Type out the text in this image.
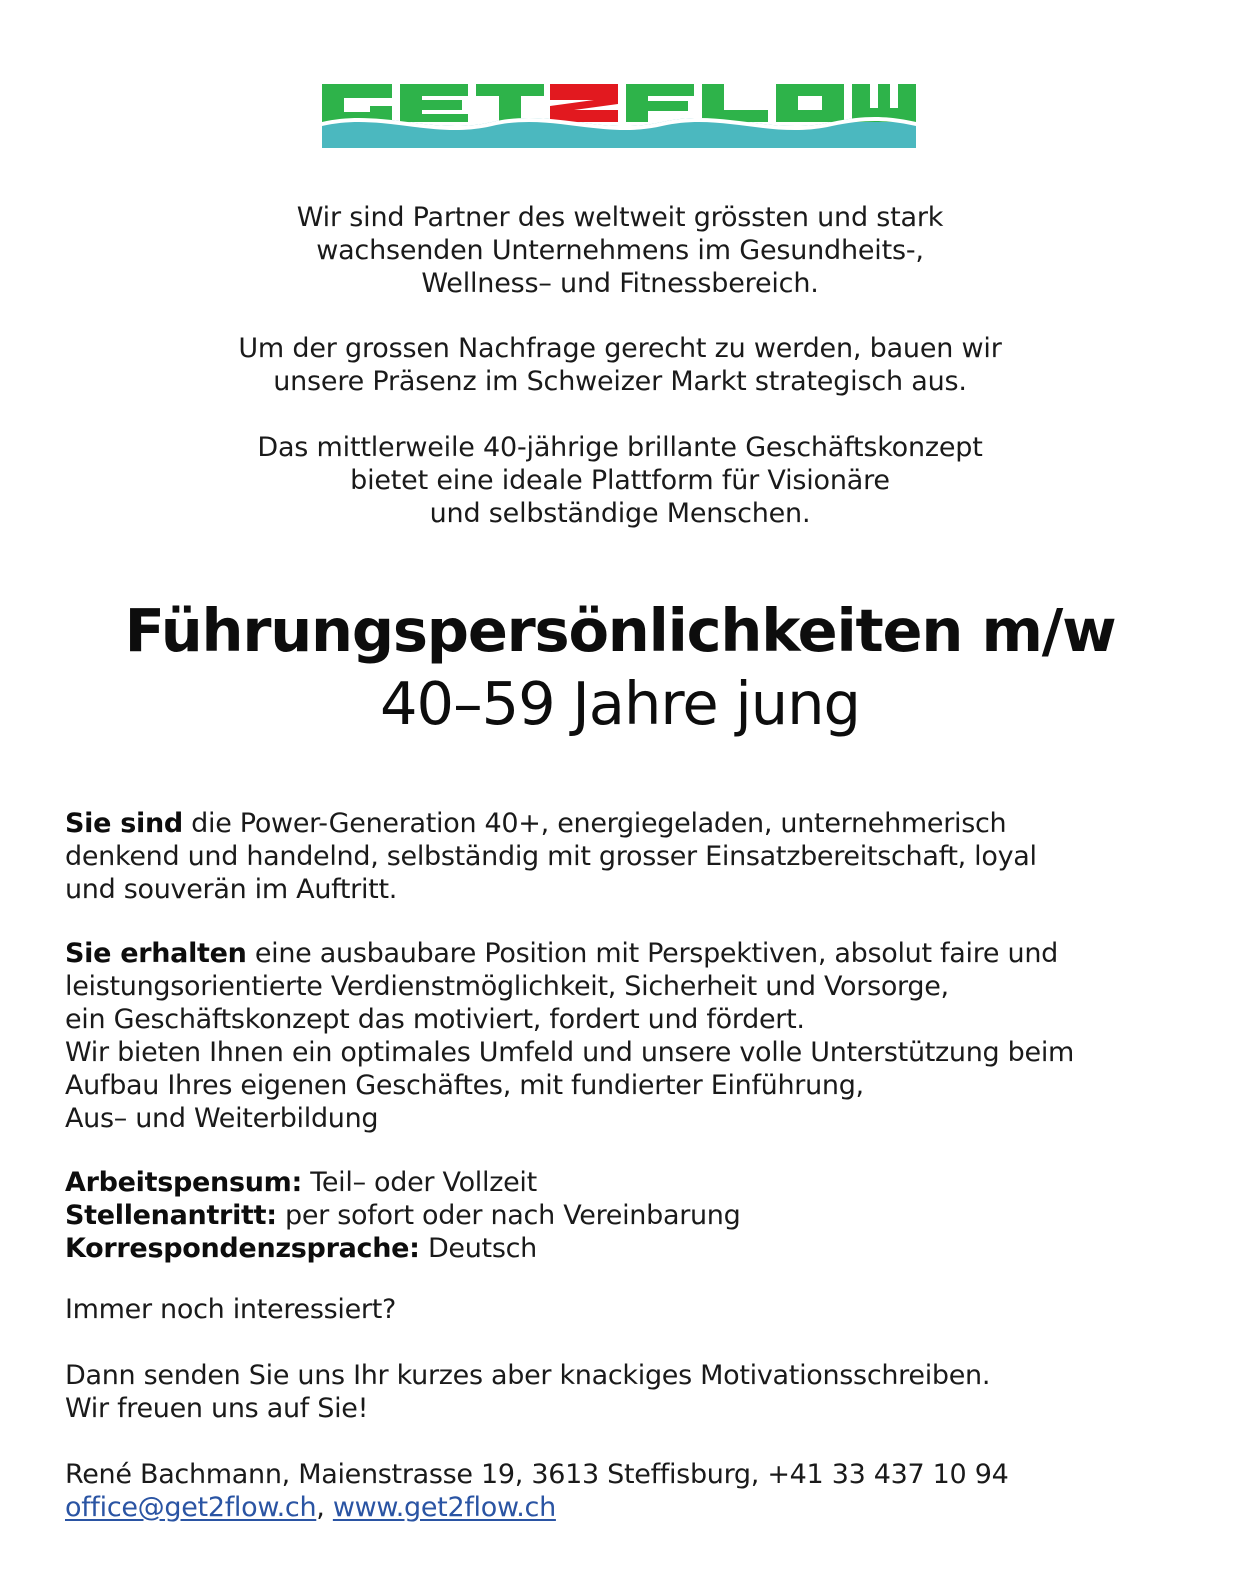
Wir sind Partner des weltweit grössten und stark

wachsenden Unternehmens im Gesundheits-,

Wellness– und Fitnessbereich.

Um der grossen Nachfrage gerecht zu werden, bauen wir

unsere Präsenz im Schweizer Markt strategisch aus.

Das mittlerweile 40-jährige brillante Geschäftskonzept

bietet eine ideale Plattform für Visionäre

und selbständige Menschen.

Führungspersönlichkeiten m/w
40–59 Jahre jung

Sie sind die Power-Generation 40+, energiegeladen, unternehmerisch

denkend und handelnd, selbständig mit grosser Einsatzbereitschaft, loyal

und souverän im Auftritt.

Sie erhalten eine ausbaubare Position mit Perspektiven, absolut faire und

leistungsorientierte Verdienstmöglichkeit, Sicherheit und Vorsorge,

ein Geschäftskonzept das motiviert, fordert und fördert.

Wir bieten Ihnen ein optimales Umfeld und unsere volle Unterstützung beim

Aufbau Ihres eigenen Geschäftes, mit fundierter Einführung,

Aus– und Weiterbildung

Arbeitspensum: Teil– oder Vollzeit

Stellenantritt: per sofort oder nach Vereinbarung

Korrespondenzsprache: Deutsch

Immer noch interessiert?

Dann senden Sie uns Ihr kurzes aber knackiges Motivationsschreiben.

Wir freuen uns auf Sie!

René Bachmann, Maienstrasse 19, 3613 Steffisburg, +41 33 437 10 94

office@get2flow.ch, www.get2flow.ch
